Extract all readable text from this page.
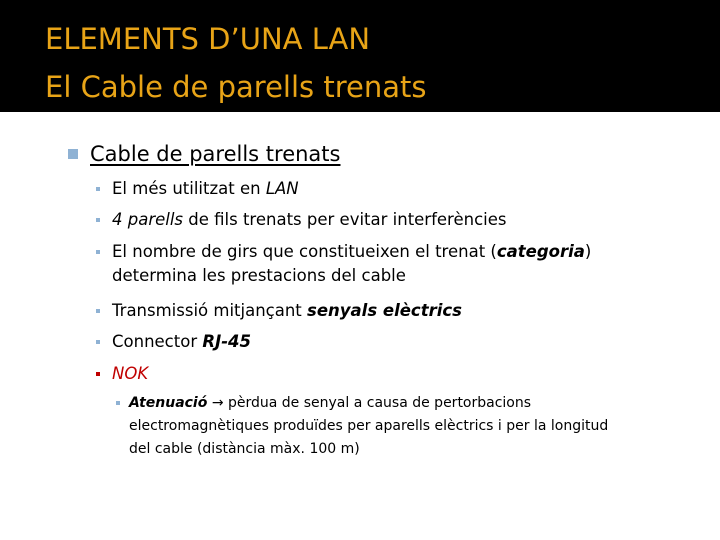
ELEMENTS D’UNA LAN
El Cable de parells trenats
Cable de parells trenats
El més utilitzat en LAN
4 parells de fils trenats per evitar interferències
El nombre de girs que constitueixen el trenat (categoria)
determina les prestacions del cable
Transmissió mitjançant senyals elèctrics
Connector RJ-45
NOK
Atenuació → pèrdua de senyal a causa de pertorbacions
electromagnètiques produïdes per aparells elèctrics i per la longitud
del cable (distància màx. 100 m)
